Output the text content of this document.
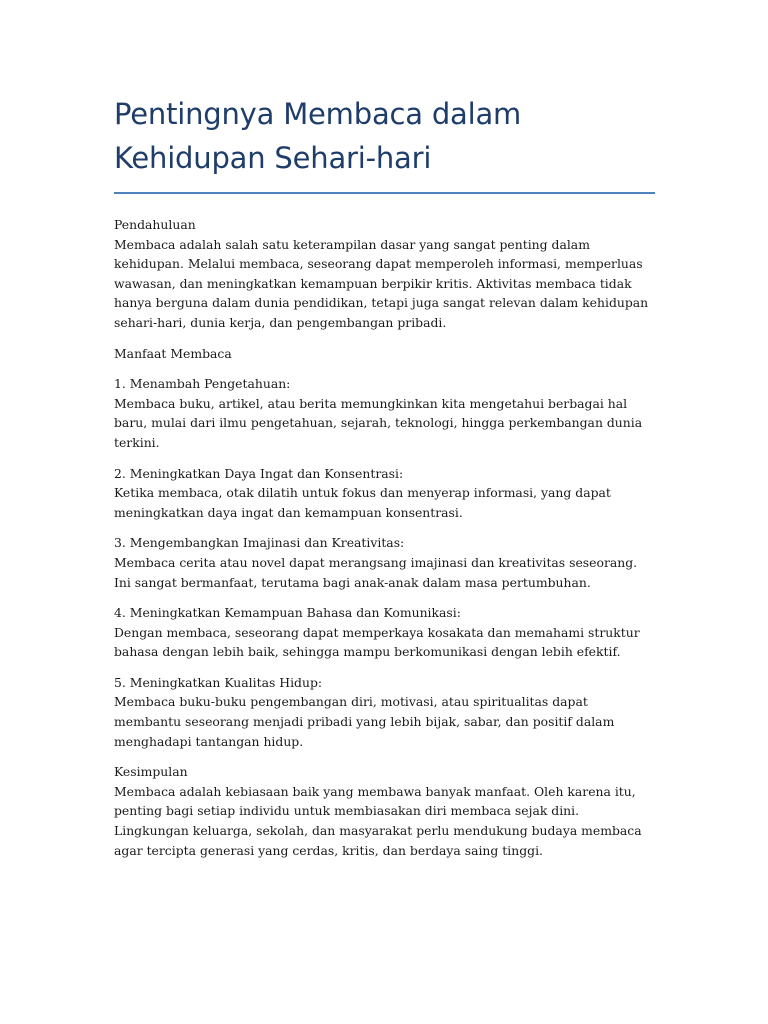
Pentingnya Membaca dalam Kehidupan Sehari-hari
Pendahuluan
Membaca adalah salah satu keterampilan dasar yang sangat penting dalam kehidupan. Melalui membaca, seseorang dapat memperoleh informasi, memperluas wawasan, dan meningkatkan kemampuan berpikir kritis. Aktivitas membaca tidak hanya berguna dalam dunia pendidikan, tetapi juga sangat relevan dalam kehidupan sehari-hari, dunia kerja, dan pengembangan pribadi.
Manfaat Membaca
1. Menambah Pengetahuan:
Membaca buku, artikel, atau berita memungkinkan kita mengetahui berbagai hal baru, mulai dari ilmu pengetahuan, sejarah, teknologi, hingga perkembangan dunia terkini.
2. Meningkatkan Daya Ingat dan Konsentrasi:
Ketika membaca, otak dilatih untuk fokus dan menyerap informasi, yang dapat meningkatkan daya ingat dan kemampuan konsentrasi.
3. Mengembangkan Imajinasi dan Kreativitas:
Membaca cerita atau novel dapat merangsang imajinasi dan kreativitas seseorang. Ini sangat bermanfaat, terutama bagi anak-anak dalam masa pertumbuhan.
4. Meningkatkan Kemampuan Bahasa dan Komunikasi:
Dengan membaca, seseorang dapat memperkaya kosakata dan memahami struktur bahasa dengan lebih baik, sehingga mampu berkomunikasi dengan lebih efektif.
5. Meningkatkan Kualitas Hidup:
Membaca buku-buku pengembangan diri, motivasi, atau spiritualitas dapat membantu seseorang menjadi pribadi yang lebih bijak, sabar, dan positif dalam menghadapi tantangan hidup.
Kesimpulan
Membaca adalah kebiasaan baik yang membawa banyak manfaat. Oleh karena itu, penting bagi setiap individu untuk membiasakan diri membaca sejak dini. Lingkungan keluarga, sekolah, dan masyarakat perlu mendukung budaya membaca agar tercipta generasi yang cerdas, kritis, dan berdaya saing tinggi.
